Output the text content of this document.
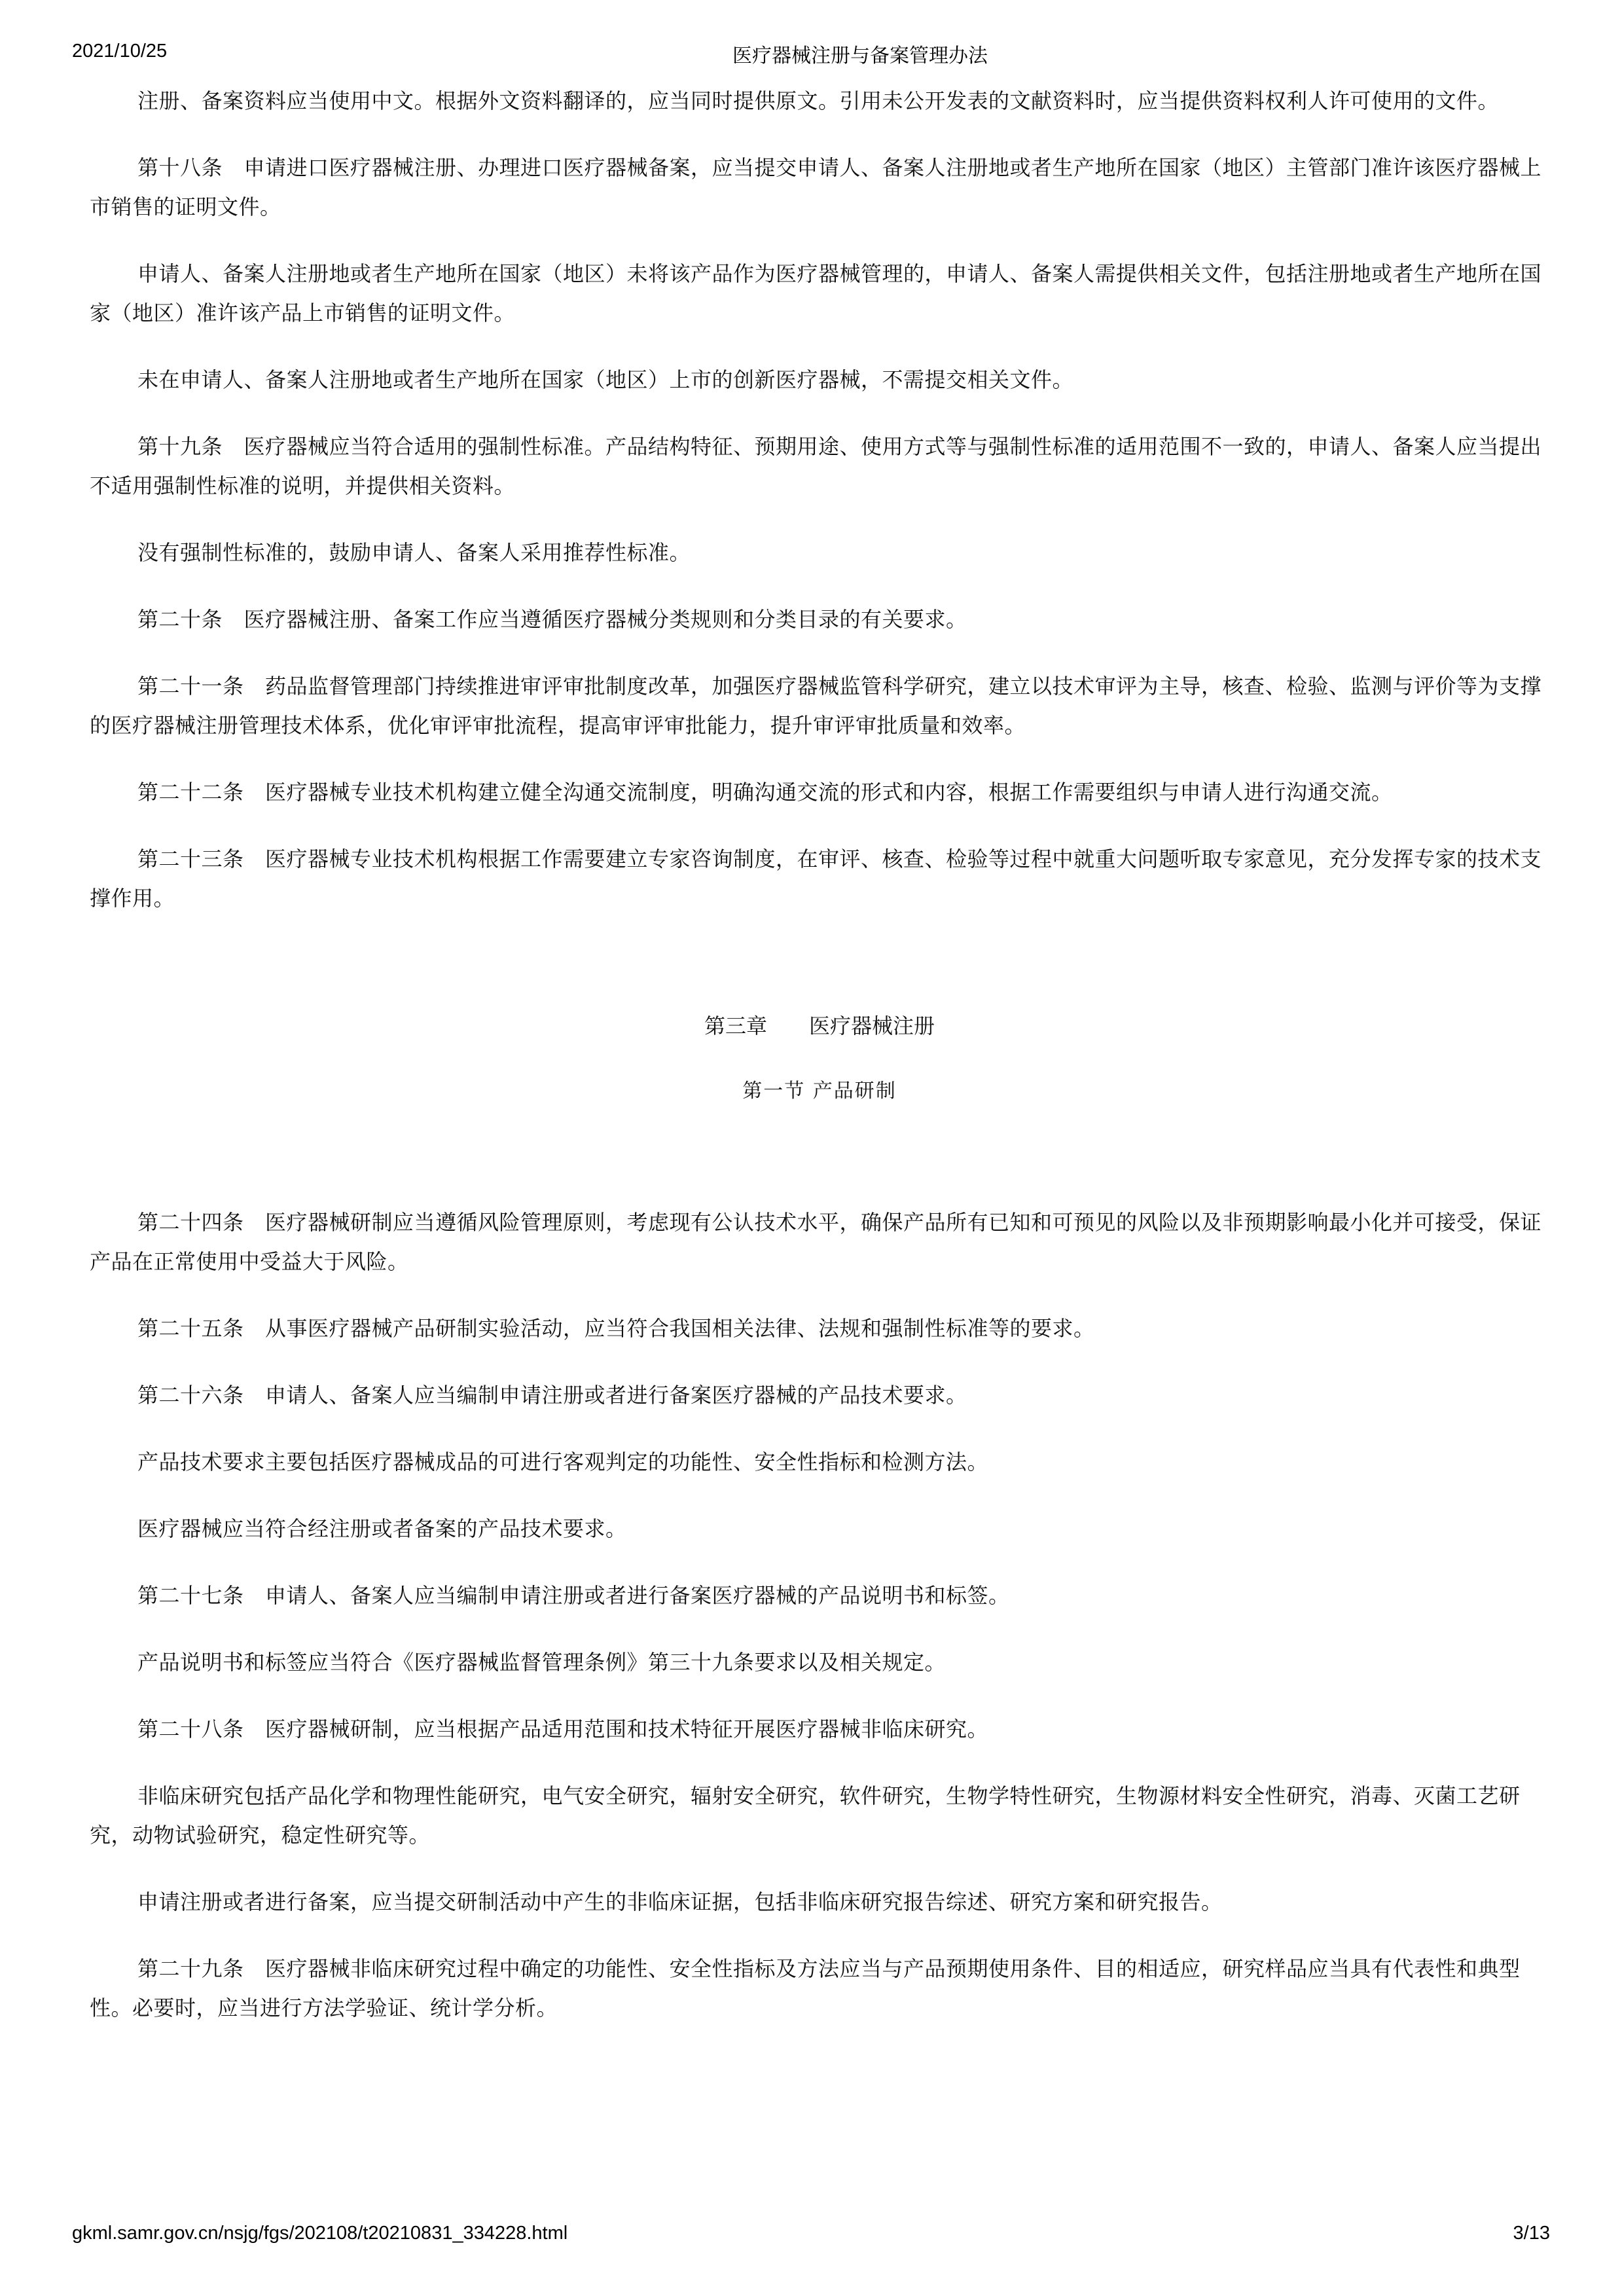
2021/10/25	医疗器械注册与备案管理办法

注册、备案资料应当使用中文。根据外文资料翻译的，应当同时提供原文。引用未公开发表的文献资料时，应当提供资料权利人许可使用的文件。

第十八条　申请进口医疗器械注册、办理进口医疗器械备案，应当提交申请人、备案人注册地或者生产地所在国家（地区）主管部门准许该医疗器械上市销售的证明文件。

申请人、备案人注册地或者生产地所在国家（地区）未将该产品作为医疗器械管理的，申请人、备案人需提供相关文件，包括注册地或者生产地所在国家（地区）准许该产品上市销售的证明文件。

未在申请人、备案人注册地或者生产地所在国家（地区）上市的创新医疗器械，不需提交相关文件。

第十九条　医疗器械应当符合适用的强制性标准。产品结构特征、预期用途、使用方式等与强制性标准的适用范围不一致的，申请人、备案人应当提出不适用强制性标准的说明，并提供相关资料。

没有强制性标准的，鼓励申请人、备案人采用推荐性标准。

第二十条　医疗器械注册、备案工作应当遵循医疗器械分类规则和分类目录的有关要求。

第二十一条　药品监督管理部门持续推进审评审批制度改革，加强医疗器械监管科学研究，建立以技术审评为主导，核查、检验、监测与评价等为支撑的医疗器械注册管理技术体系，优化审评审批流程，提高审评审批能力，提升审评审批质量和效率。

第二十二条　医疗器械专业技术机构建立健全沟通交流制度，明确沟通交流的形式和内容，根据工作需要组织与申请人进行沟通交流。

第二十三条　医疗器械专业技术机构根据工作需要建立专家咨询制度，在审评、核查、检验等过程中就重大问题听取专家意见，充分发挥专家的技术支撑作用。

第三章　　医疗器械注册
第一节 产品研制

第二十四条　医疗器械研制应当遵循风险管理原则，考虑现有公认技术水平，确保产品所有已知和可预见的风险以及非预期影响最小化并可接受，保证产品在正常使用中受益大于风险。

第二十五条　从事医疗器械产品研制实验活动，应当符合我国相关法律、法规和强制性标准等的要求。

第二十六条　申请人、备案人应当编制申请注册或者进行备案医疗器械的产品技术要求。

产品技术要求主要包括医疗器械成品的可进行客观判定的功能性、安全性指标和检测方法。

医疗器械应当符合经注册或者备案的产品技术要求。

第二十七条　申请人、备案人应当编制申请注册或者进行备案医疗器械的产品说明书和标签。

产品说明书和标签应当符合《医疗器械监督管理条例》第三十九条要求以及相关规定。

第二十八条　医疗器械研制，应当根据产品适用范围和技术特征开展医疗器械非临床研究。

非临床研究包括产品化学和物理性能研究，电气安全研究，辐射安全研究，软件研究，生物学特性研究，生物源材料安全性研究，消毒、灭菌工艺研究，动物试验研究，稳定性研究等。

申请注册或者进行备案，应当提交研制活动中产生的非临床证据，包括非临床研究报告综述、研究方案和研究报告。

第二十九条　医疗器械非临床研究过程中确定的功能性、安全性指标及方法应当与产品预期使用条件、目的相适应，研究样品应当具有代表性和典型性。必要时，应当进行方法学验证、统计学分析。

gkml.samr.gov.cn/nsjg/fgs/202108/t20210831_334228.html	3/13
